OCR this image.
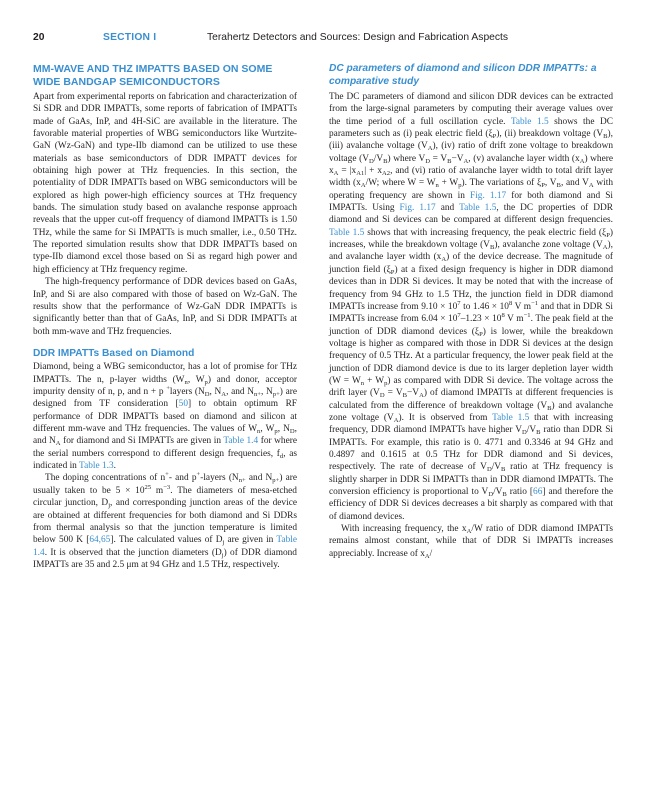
20	SECTION I	Terahertz Detectors and Sources: Design and Fabrication Aspects
MM-WAVE AND THZ IMPATTS BASED ON SOME WIDE BANDGAP SEMICONDUCTORS

Apart from experimental reports on fabrication and characterization of Si SDR and DDR IMPATTs, some reports of fabrication of IMPATTs made of GaAs, InP, and 4H-SiC are available in the literature. The favorable material properties of WBG semiconductors like Wurtzite-GaN (Wz-GaN) and type-IIb diamond can be utilized to use these materials as base semiconductors of DDR IMPATT devices for obtaining high power at THz frequencies. In this section, the potentiality of DDR IMPATTs based on WBG semiconductors will be explored as high power-high efficiency sources at THz frequency bands. The simulation study based on avalanche response approach reveals that the upper cut-off frequency of diamond IMPATTs is 1.50 THz, while the same for Si IMPATTs is much smaller, i.e., 0.50 THz. The reported simulation results show that DDR IMPATTs based on type-IIb diamond excel those based on Si as regard high power and high efficiency at THz frequency regime.

The high-frequency performance of DDR devices based on GaAs, InP, and Si are also compared with those of based on Wz-GaN. The results show that the performance of Wz-GaN DDR IMPATTs is significantly better than that of GaAs, InP, and Si DDR IMPATTs at both mm-wave and THz frequencies.

DDR IMPATTs Based on Diamond

Diamond, being a WBG semiconductor, has a lot of promise for THz IMPATTs. The n, p-layer widths ($W_n$, $W_p$) and donor, acceptor impurity density of n, p, and n + p +layers ($N_D$, $N_A$, and $N_{n+}$, $N_{p+}$) are designed from TF consideration [50] to obtain optimum RF performance of DDR IMPATTs based on diamond and silicon at different mm-wave and THz frequencies. The values of $W_n$, $W_p$, $N_D$, and $N_A$ for diamond and Si IMPATTs are given in Table 1.4 for where the serial numbers correspond to different design frequencies, $f_d$, as indicated in Table 1.3.

The doping concentrations of n+- and p+-layers ($N_{n+}$ and $N_{p+}$) are usually taken to be $5 \times 10^{25}$ $m^{-3}$. The diameters of mesa-etched circular junction, $D_j$, and corresponding junction areas of the device are obtained at different frequencies for both diamond and Si DDRs from thermal analysis so that the junction temperature is limited below 500 K [64,65]. The calculated values of $D_j$ are given in Table 1.4. It is observed that the junction diameters $(D_j)$ of DDR diamond IMPATTs are 35 and 2.5 μm at 94 GHz and 1.5 THz, respectively.

DC parameters of diamond and silicon DDR IMPATTs: a comparative study

The DC parameters of diamond and silicon DDR devices can be extracted from the large-signal parameters by computing their average values over the time period of a full oscillation cycle. Table 1.5 shows the DC parameters such as (i) peak electric field $(\xi_P)$, (ii) breakdown voltage $(V_B)$, (iii) avalanche voltage $(V_A)$, (iv) ratio of drift zone voltage to breakdown voltage $(V_D/V_B)$ where $V_D = V_B-V_A$, (v) avalanche layer width $(x_A)$ where $x_A = |x_{A1}| + x_{A2}$, and (vi) ratio of avalanche layer width to total drift layer width ($x_A/W$; where $W = W_n + W_p$). The variations of $\xi_P$, $V_B$, and $V_A$ with operating frequency are shown in Fig. 1.17 for both diamond and Si IMPATTs. Using Fig. 1.17 and Table 1.5, the DC properties of DDR diamond and Si devices can be compared at different design frequencies. Table 1.5 shows that with increasing frequency, the peak electric field $(\xi_P)$ increases, while the breakdown voltage $(V_B)$, avalanche zone voltage $(V_A)$, and avalanche layer width $(x_A)$ of the device decrease. The magnitude of junction field $(\xi_P)$ at a fixed design frequency is higher in DDR diamond devices than in DDR Si devices. It may be noted that with the increase of frequency from 94 GHz to 1.5 THz, the junction field in DDR diamond IMPATTs increase from $9.10 \times 10^7$ to $1.46 \times 10^8$ V $m^{-1}$ and that in DDR Si IMPATTs increase from $6.04 \times 10^7-1.23 \times 10^8$ V $m^{-1}$. The peak field at the junction of DDR diamond devices $(\xi_P)$ is lower, while the breakdown voltage is higher as compared with those in DDR Si devices at the design frequency of 0.5 THz. At a particular frequency, the lower peak field at the junction of DDR diamond device is due to its larger depletion layer width $(W = W_n + W_p)$ as compared with DDR Si device. The voltage across the drift layer $(V_D = V_B-V_A)$ of diamond IMPATTs at different frequencies is calculated from the difference of breakdown voltage $(V_B)$ and avalanche zone voltage $(V_A)$. It is observed from Table 1.5 that with increasing frequency, DDR diamond IMPATTs have higher $V_D/V_B$ ratio than DDR Si IMPATTs. For example, this ratio is 0. 4771 and 0.3346 at 94 GHz and 0.4897 and 0.1615 at 0.5 THz for DDR diamond and Si devices, respectively. The rate of decrease of $V_D/V_B$ ratio at THz frequency is slightly sharper in DDR Si IMPATTs than in DDR diamond IMPATTs. The conversion efficiency is proportional to $V_D/V_B$ ratio [66] and therefore the efficiency of DDR Si devices decreases a bit sharply as compared with that of diamond devices.

With increasing frequency, the $x_A/W$ ratio of DDR diamond IMPATTs remains almost constant, while that of DDR Si IMPATTs increases appreciably. Increase of $x_A/$
